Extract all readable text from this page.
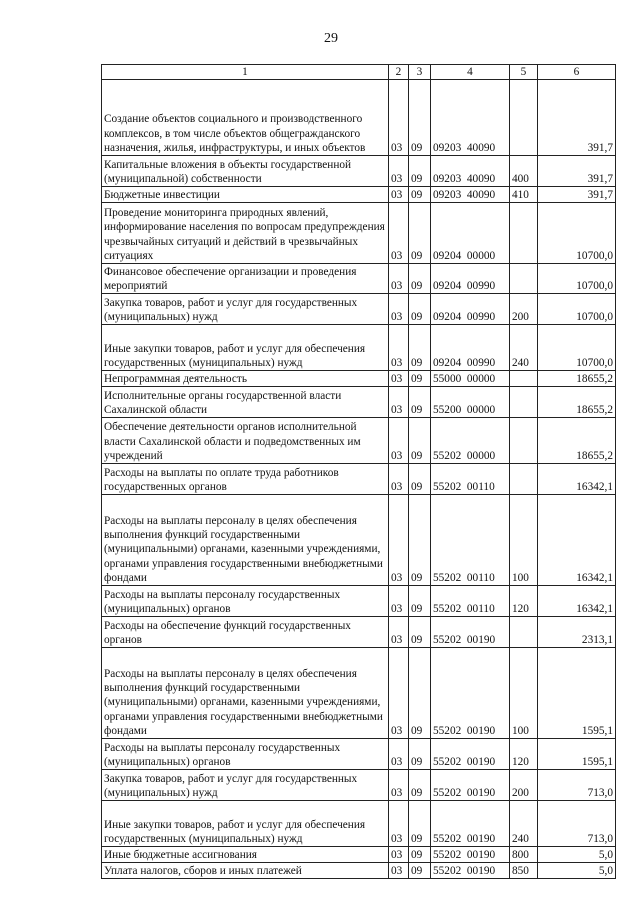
29
1	2	3	4	5	6
Создание объектов социального и производственного комплексов, в том числе объектов общегражданского назначения, жилья, инфраструктуры, и иных объектов	03	09	09203  40090		391,7
Капитальные вложения в объекты государственной (муниципальной) собственности	03	09	09203  40090	400	391,7
Бюджетные инвестиции	03	09	09203  40090	410	391,7
Проведение мониторинга природных явлений, информирование населения по вопросам предупреждения чрезвычайных ситуаций и действий в чрезвычайных ситуациях	03	09	09204  00000		10700,0
Финансовое обеспечение организации и проведения мероприятий	03	09	09204  00990		10700,0
Закупка товаров, работ и услуг для государственных (муниципальных) нужд	03	09	09204  00990	200	10700,0
Иные закупки товаров, работ и услуг для обеспечения государственных (муниципальных) нужд	03	09	09204  00990	240	10700,0
Непрограммная деятельность	03	09	55000  00000		18655,2
Исполнительные органы государственной власти Сахалинской области	03	09	55200  00000		18655,2
Обеспечение деятельности органов исполнительной власти Сахалинской области и подведомственных им учреждений	03	09	55202  00000		18655,2
Расходы на выплаты по оплате труда работников государственных органов	03	09	55202  00110		16342,1
Расходы на выплаты персоналу в целях обеспечения выполнения функций государственными (муниципальными) органами, казенными учреждениями, органами управления государственными внебюджетными фондами	03	09	55202  00110	100	16342,1
Расходы на выплаты персоналу государственных (муниципальных) органов	03	09	55202  00110	120	16342,1
Расходы на обеспечение функций государственных органов	03	09	55202  00190		2313,1
Расходы на выплаты персоналу в целях обеспечения выполнения функций государственными (муниципальными) органами, казенными учреждениями, органами управления государственными внебюджетными фондами	03	09	55202  00190	100	1595,1
Расходы на выплаты персоналу государственных (муниципальных) органов	03	09	55202  00190	120	1595,1
Закупка товаров, работ и услуг для государственных (муниципальных) нужд	03	09	55202  00190	200	713,0
Иные закупки товаров, работ и услуг для обеспечения государственных (муниципальных) нужд	03	09	55202  00190	240	713,0
Иные бюджетные ассигнования	03	09	55202  00190	800	5,0
Уплата налогов, сборов и иных платежей	03	09	55202  00190	850	5,0
